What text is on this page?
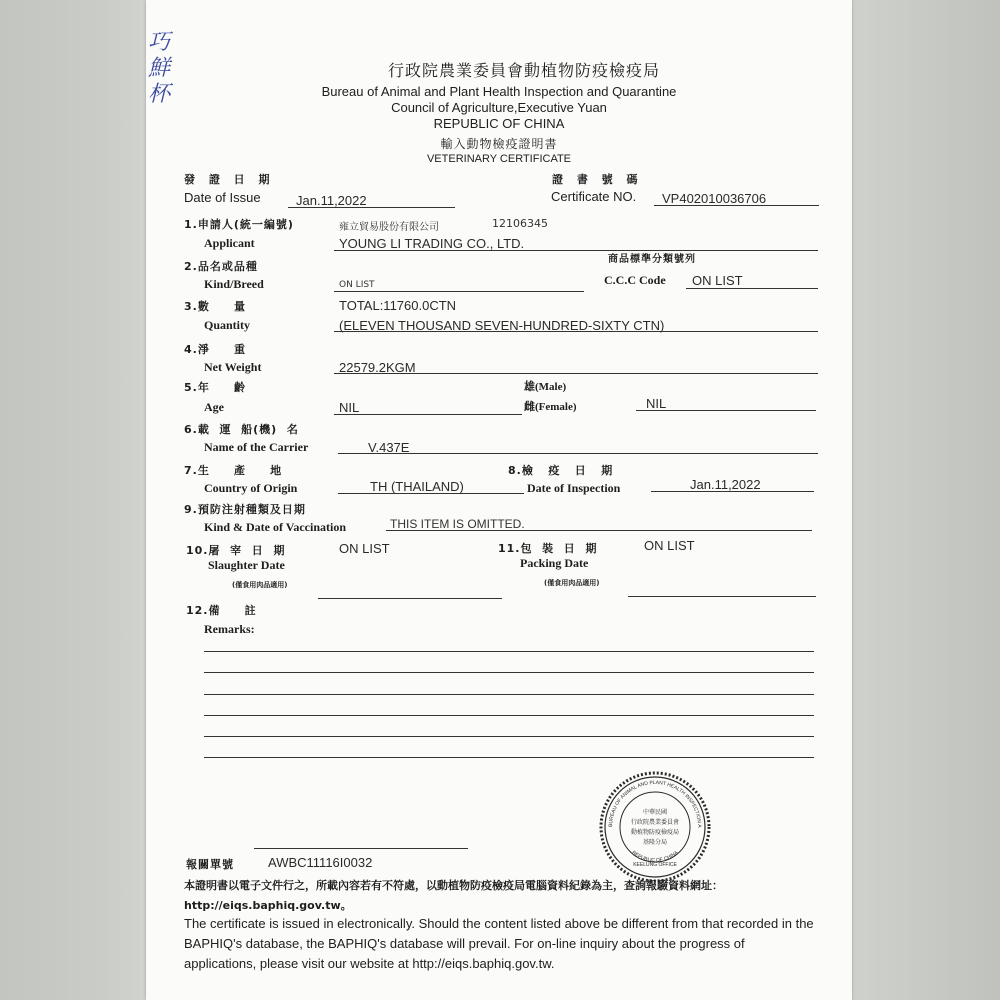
巧
鮮
杯
行政院農業委員會動植物防疫檢疫局
Bureau of Animal and Plant Health Inspection and Quarantine
Council of Agriculture,Executive Yuan
REPUBLIC OF CHINA
輸入動物檢疫證明書
VETERINARY CERTIFICATE
發 證 日 期
Date of Issue	Jan.11,2022
證 書 號 碼
Certificate NO. VP402010036706
1.申請人(統一編號)
Applicant
雍立貿易股份有限公司	12106345
YOUNG LI TRADING CO., LTD.
2.品名或品種
Kind/Breed	ON LIST
商品標準分類號列
C.C.C Code ON LIST
3.數     量
Quantity
TOTAL:11760.0CTN
(ELEVEN THOUSAND SEVEN-HUNDRED-SIXTY CTN)
4.淨     重
Net Weight	22579.2KGM
5.年     齡
Age	NIL
雄(Male)
雌(Female)	NIL
6.載  運  船(機)  名
Name of the Carrier	V.437E
7.生     產     地
Country of Origin	TH (THAILAND)
8.檢   疫   日   期
Date of Inspection	Jan.11,2022
9.預防注射種類及日期
Kind & Date of Vaccination	THIS ITEM IS OMITTED.
10.屠  宰  日  期	ON LIST
Slaughter Date
(僅食用肉品適用)
11.包  裝  日  期	ON LIST
Packing Date
(僅食用肉品適用)
12.備     註
Remarks:
BUREAU OF ANIMAL AND PLANT HEALTH INSPECTION A
REPUBLIC OF CHINA
中華民國
行政院農業委員會
動植物防疫檢疫局
基隆分局
KEELUNG OFFICE
報關單號	AWBC11116I0032
本證明書以電子文件行之，所載內容若有不符處，以動植物防疫檢疫局電腦資料紀錄為主，查詢報驗資料網址：http://eiqs.baphiq.gov.tw。
The certificate is issued in electronically. Should the content listed above be different from that recorded in the BAPHIQ's database, the BAPHIQ's database will prevail. For on-line inquiry about the progress of applications, please visit our website at http://eiqs.baphiq.gov.tw.
